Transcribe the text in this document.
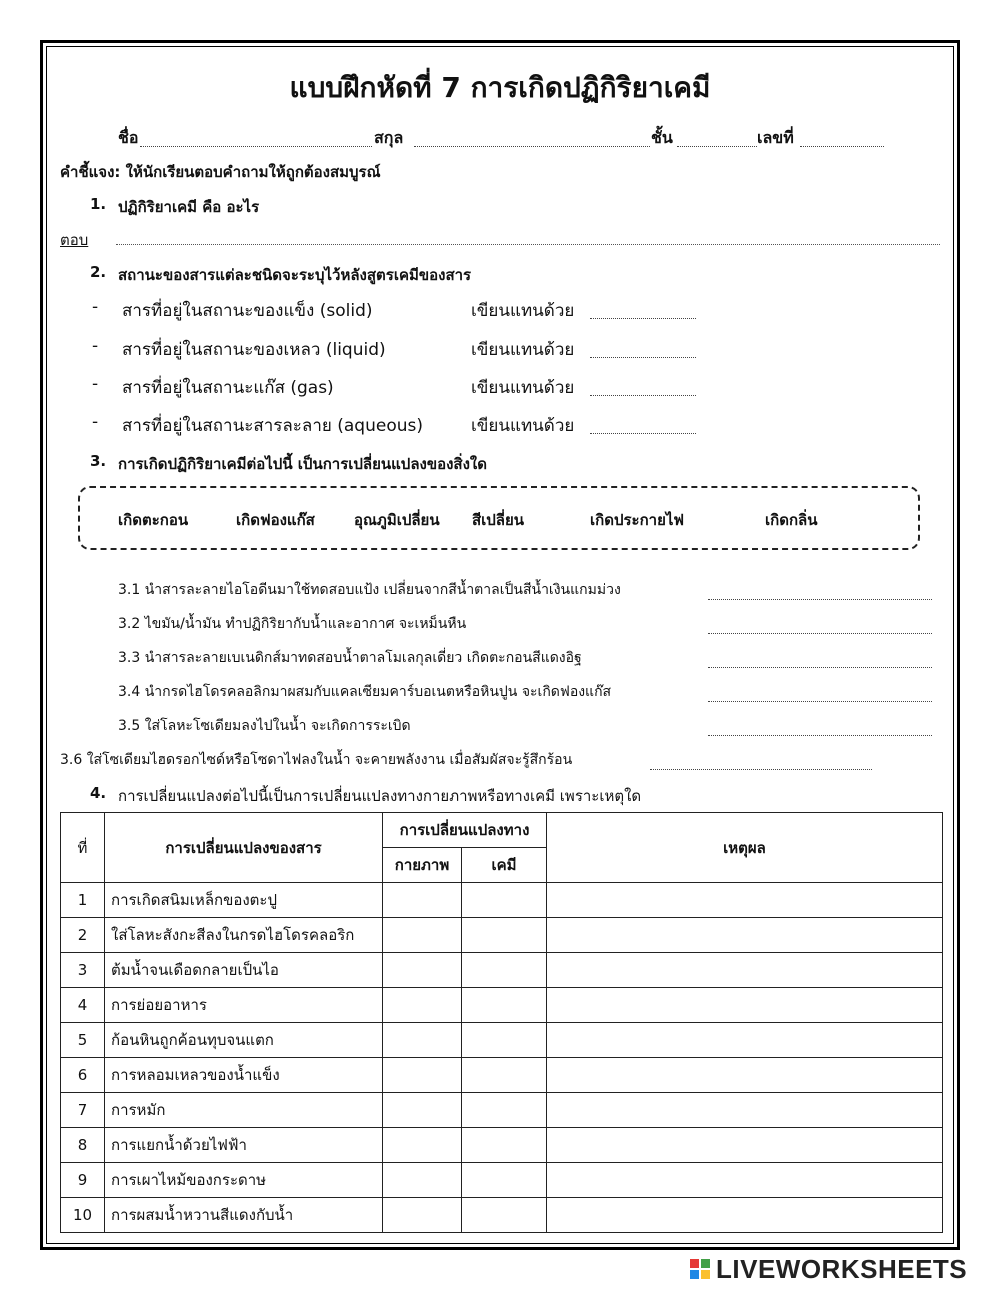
แบบฝึกหัดที่ 7 การเกิดปฏิกิริยาเคมี
ชื่อ	สกุล	ชั้น	เลขที่
คำชี้แจง: ให้นักเรียนตอบคำถามให้ถูกต้องสมบูรณ์
1. ปฏิกิริยาเคมี คือ อะไร
ตอบ
2. สถานะของสารแต่ละชนิดจะระบุไว้หลังสูตรเคมีของสาร
- สารที่อยู่ในสถานะของแข็ง (solid)	เขียนแทนด้วย
- สารที่อยู่ในสถานะของเหลว (liquid)	เขียนแทนด้วย
- สารที่อยู่ในสถานะแก๊ส (gas)	เขียนแทนด้วย
- สารที่อยู่ในสถานะสารละลาย (aqueous)	เขียนแทนด้วย
3. การเกิดปฏิกิริยาเคมีต่อไปนี้ เป็นการเปลี่ยนแปลงของสิ่งใด
เกิดตะกอน	เกิดฟองแก๊ส	อุณภูมิเปลี่ยน สีเปลี่ยน	เกิดประกายไฟ	เกิดกลิ่น
3.1 นำสารละลายไอโอดีนมาใช้ทดสอบแป้ง เปลี่ยนจากสีน้ำตาลเป็นสีน้ำเงินแกมม่วง
3.2 ไขมัน/น้ำมัน ทำปฏิกิริยากับน้ำและอากาศ จะเหม็นหืน
3.3 นำสารละลายเบเนดิกส์มาทดสอบน้ำตาลโมเลกุลเดี่ยว เกิดตะกอนสีแดงอิฐ
3.4 นำกรดไฮโดรคลอลิกมาผสมกับแคลเซียมคาร์บอเนตหรือหินปูน จะเกิดฟองแก๊ส
3.5 ใส่โลหะโซเดียมลงไปในน้ำ จะเกิดการระเบิด
3.6 ใส่โซเดียมไฮดรอกไซด์หรือโซดาไฟลงในน้ำ จะคายพลังงาน เมื่อสัมผัสจะรู้สึกร้อน
4. การเปลี่ยนแปลงต่อไปนี้เป็นการเปลี่ยนแปลงทางกายภาพหรือทางเคมี เพราะเหตุใด
ที่	การเปลี่ยนแปลงของสาร	การเปลี่ยนแปลงทาง		เหตุผล
		กายภาพ	เคมี	
1	การเกิดสนิมเหล็กของตะปู			
2	ใส่โลหะสังกะสีลงในกรดไฮโดรคลอริก			
3	ต้มน้ำจนเดือดกลายเป็นไอ			
4	การย่อยอาหาร			
5	ก้อนหินถูกค้อนทุบจนแตก			
6	การหลอมเหลวของน้ำแข็ง			
7	การหมัก			
8	การแยกน้ำด้วยไฟฟ้า			
9	การเผาไหม้ของกระดาษ			
10	การผสมน้ำหวานสีแดงกับน้ำ			
LIVEWORKSHEETS
